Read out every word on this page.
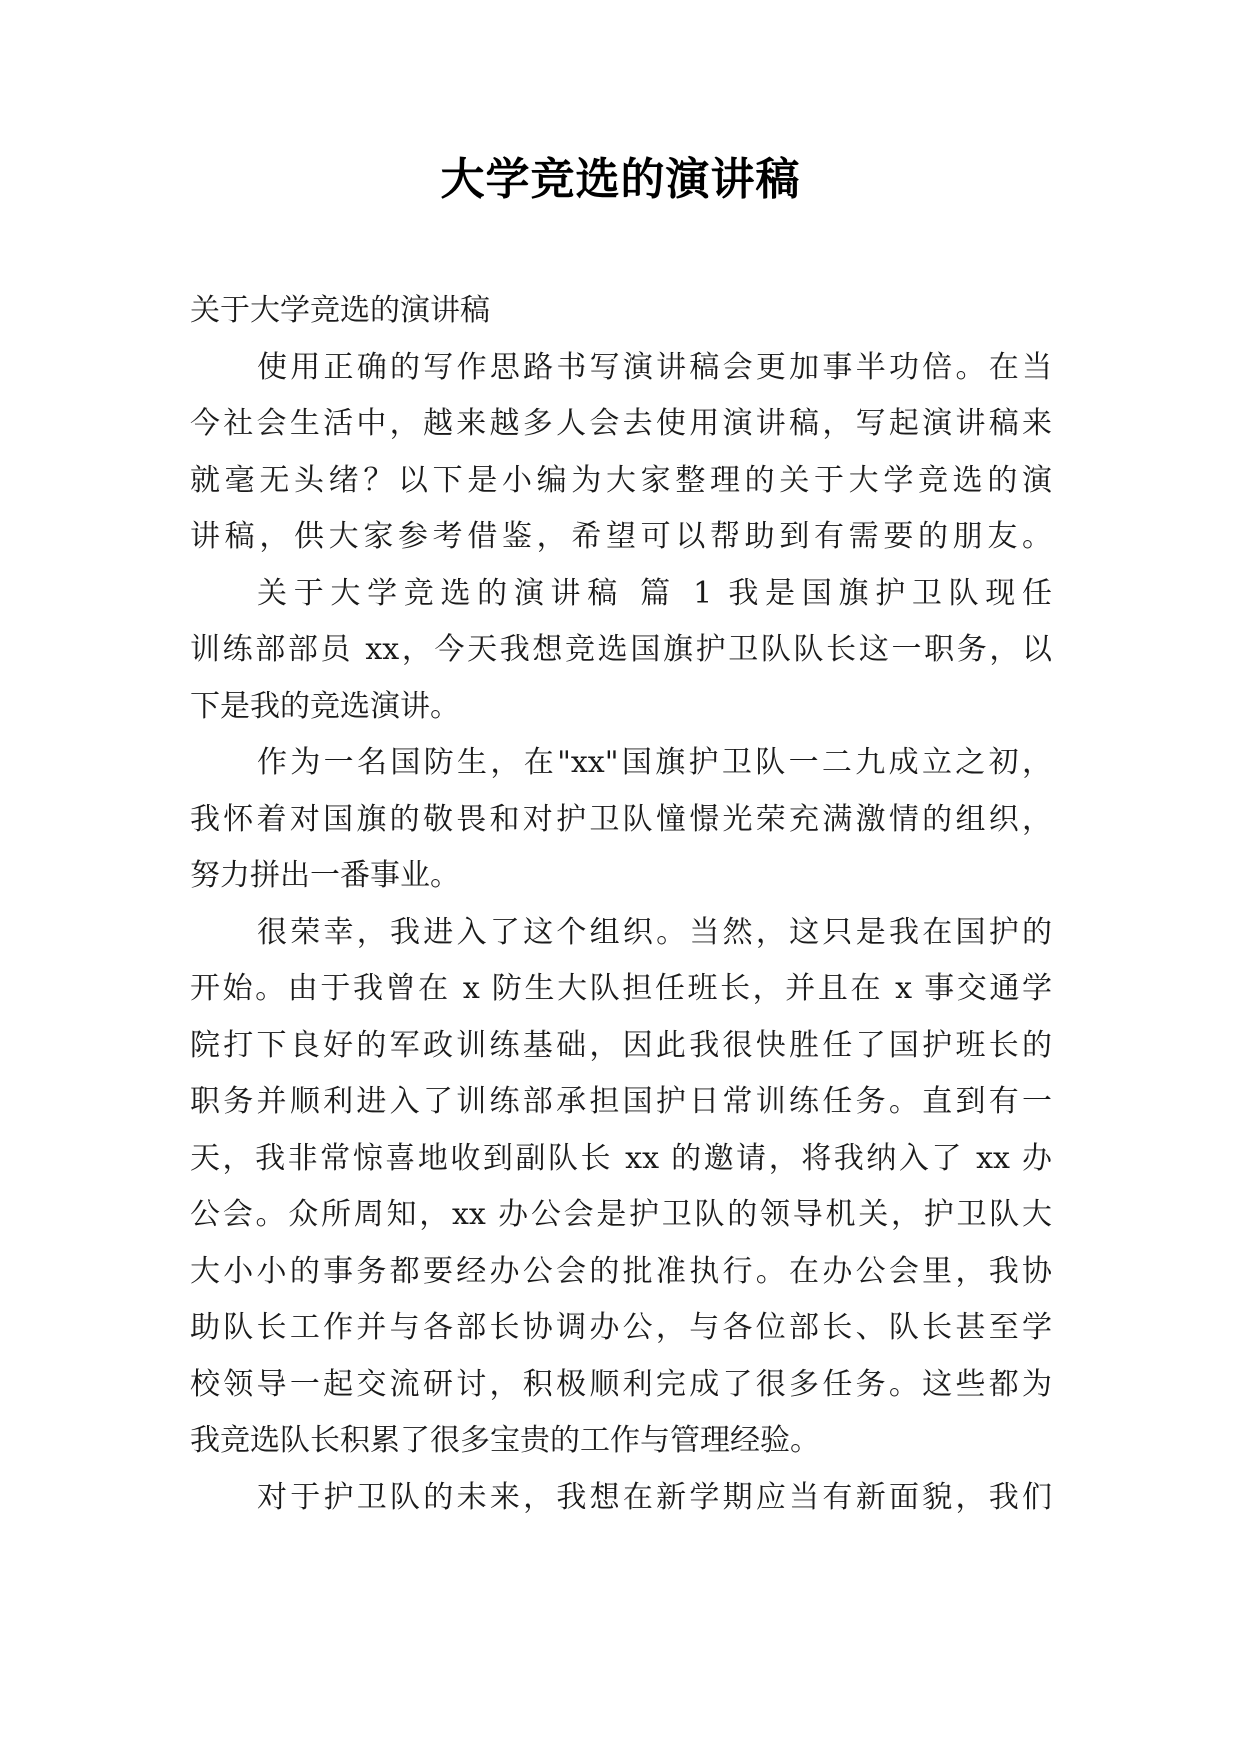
大学竞选的演讲稿

关于大学竞选的演讲稿

使用正确的写作思路书写演讲稿会更加事半功倍。在当

今社会生活中，越来越多人会去使用演讲稿，写起演讲稿来

就毫无头绪？以下是小编为大家整理的关于大学竞选的演

讲稿，供大家参考借鉴，希望可以帮助到有需要的朋友。

关于大学竞选的演讲稿 篇 1 我是国旗护卫队现任

训练部部员 xx，今天我想竞选国旗护卫队队长这一职务，以

下是我的竞选演讲。

作为一名国防生，在"xx"国旗护卫队一二九成立之初，

我怀着对国旗的敬畏和对护卫队憧憬光荣充满激情的组织，

努力拼出一番事业。

很荣幸，我进入了这个组织。当然，这只是我在国护的

开始。由于我曾在 x 防生大队担任班长，并且在 x 事交通学

院打下良好的军政训练基础，因此我很快胜任了国护班长的

职务并顺利进入了训练部承担国护日常训练任务。直到有一

天，我非常惊喜地收到副队长 xx 的邀请，将我纳入了 xx 办

公会。众所周知，xx 办公会是护卫队的领导机关，护卫队大

大小小的事务都要经办公会的批准执行。在办公会里，我协

助队长工作并与各部长协调办公，与各位部长、队长甚至学

校领导一起交流研讨，积极顺利完成了很多任务。这些都为

我竞选队长积累了很多宝贵的工作与管理经验。

对于护卫队的未来，我想在新学期应当有新面貌，我们
